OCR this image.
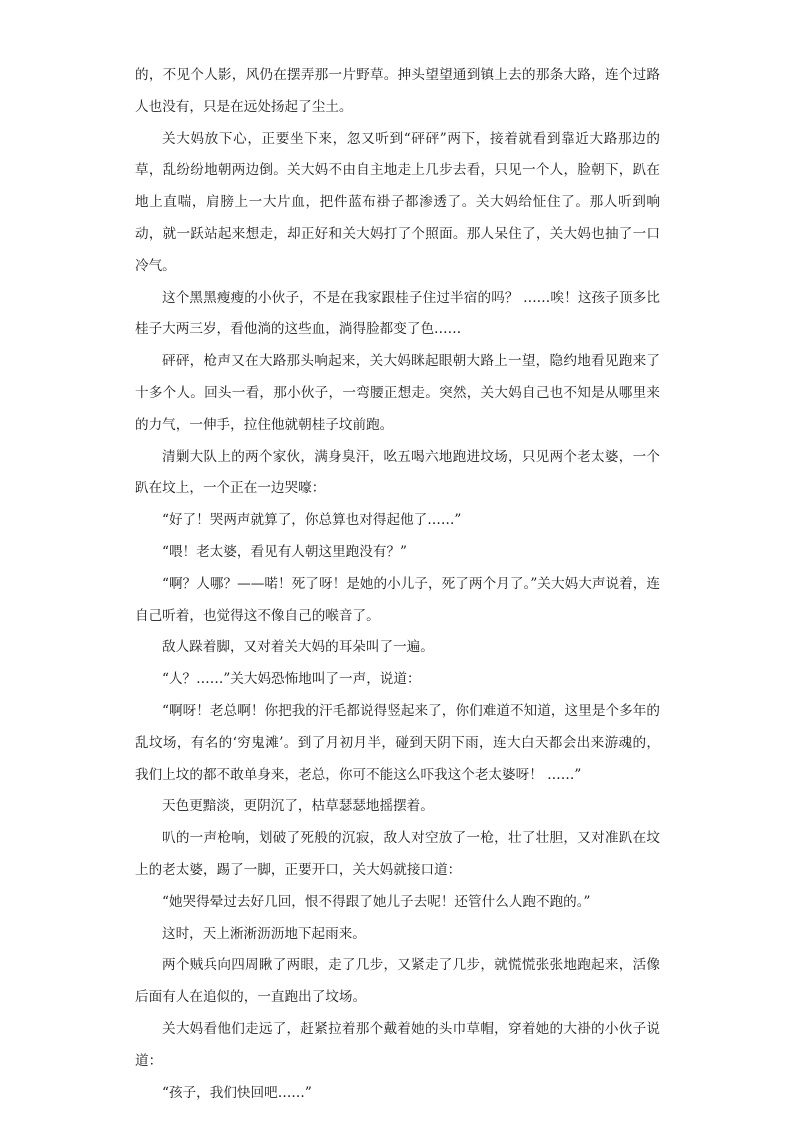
的，不见个人影，风仍在摆弄那一片野草。抻头望望通到镇上去的那条大路，连个过路人也没有，只是在远处扬起了尘土。

关大妈放下心，正要坐下来，忽又听到“砰砰”两下，接着就看到靠近大路那边的草，乱纷纷地朝两边倒。关大妈不由自主地走上几步去看，只见一个人，脸朝下，趴在地上直喘，肩膀上一大片血，把件蓝布褂子都渗透了。关大妈给怔住了。那人听到响动，就一跃站起来想走，却正好和关大妈打了个照面。那人呆住了，关大妈也抽了一口冷气。

这个黑黑瘦瘦的小伙子，不是在我家跟桂子住过半宿的吗？ ……唉！这孩子顶多比桂子大两三岁，看他淌的这些血，淌得脸都变了色……

砰砰，枪声又在大路那头响起来，关大妈眯起眼朝大路上一望，隐约地看见跑来了十多个人。回头一看，那小伙子，一弯腰正想走。突然，关大妈自己也不知是从哪里来的力气，一伸手，拉住他就朝桂子坟前跑。

清剿大队上的两个家伙，满身臭汗，吆五喝六地跑进坟场，只见两个老太婆，一个趴在坟上，一个正在一边哭嚎：

“好了！哭两声就算了，你总算也对得起他了……”

“喂！老太婆，看见有人朝这里跑没有？”

“啊？人哪？——喏！死了呀！是她的小儿子，死了两个月了。”关大妈大声说着，连自己听着，也觉得这不像自己的喉音了。

敌人跺着脚，又对着关大妈的耳朵叫了一遍。

“人？……”关大妈恐怖地叫了一声，说道：

“啊呀！老总啊！你把我的汗毛都说得竖起来了，你们难道不知道，这里是个多年的乱坟场，有名的‘穷鬼滩’。到了月初月半，碰到天阴下雨，连大白天都会出来游魂的，我们上坟的都不敢单身来，老总，你可不能这么吓我这个老太婆呀！ ……”

天色更黯淡，更阴沉了，枯草瑟瑟地摇摆着。

叭的一声枪响，划破了死般的沉寂，敌人对空放了一枪，壮了壮胆，又对准趴在坟上的老太婆，踢了一脚，正要开口，关大妈就接口道：

“她哭得晕过去好几回，恨不得跟了她儿子去呢！还管什么人跑不跑的。”

这时，天上淅淅沥沥地下起雨来。

两个贼兵向四周瞅了两眼，走了几步，又紧走了几步，就慌慌张张地跑起来，活像后面有人在追似的，一直跑出了坟场。

关大妈看他们走远了，赶紧拉着那个戴着她的头巾草帽，穿着她的大褂的小伙子说道：

“孩子，我们快回吧……”
